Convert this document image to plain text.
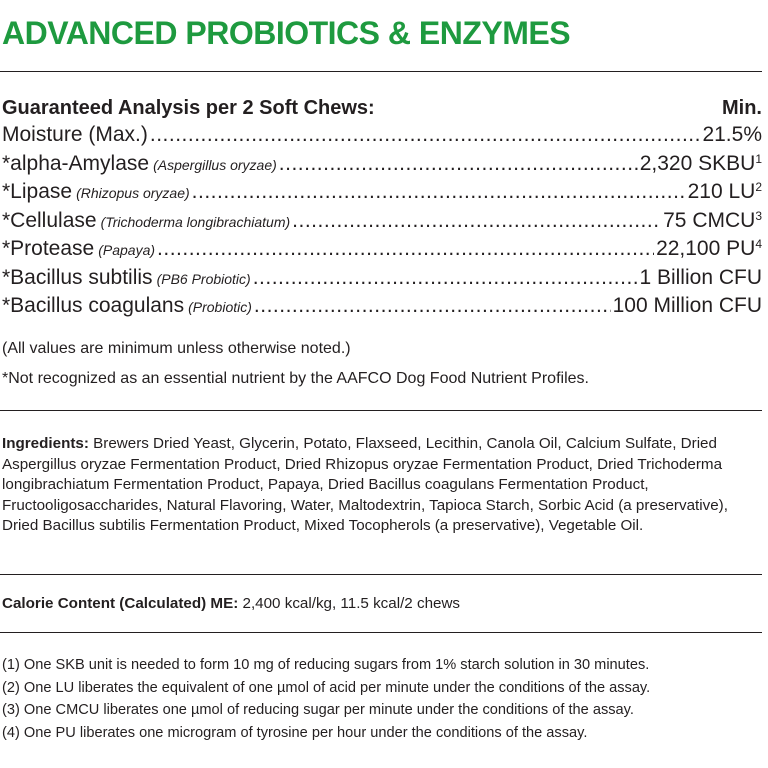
ADVANCED PROBIOTICS & ENZYMES
Guaranteed Analysis per 2 Soft Chews:	Min.
Moisture (Max.) .....	21.5%
*alpha-Amylase (Aspergillus oryzae) .....	2,320 SKBU$^1$
*Lipase (Rhizopus oryzae) .....	210 $LU^2$
*Cellulase (Trichoderma longibrachiatum) .....	75 CMCU$^3$
*Protease (Papaya) .....	22,100 $PU^4$
*Bacillus subtilis (PB6 Probiotic) .....	1 Billion CFU
*Bacillus coagulans (Probiotic) .....	100 Million CFU

(All values are minimum unless otherwise noted.)

*Not recognized as an essential nutrient by the AAFCO Dog Food Nutrient Profiles.

Ingredients: Brewers Dried Yeast, Glycerin, Potato, Flaxseed, Lecithin, Canola Oil, Calcium Sulfate, Dried Aspergillus oryzae Fermentation Product, Dried Rhizopus oryzae Fermentation Product, Dried Trichoderma longibrachiatum Fermentation Product, Papaya, Dried Bacillus coagulans Fermentation Product, Fructooligosaccharides, Natural Flavoring, Water, Maltodextrin, Tapioca Starch, Sorbic Acid (a preservative), Dried Bacillus subtilis Fermentation Product, Mixed Tocopherols (a preservative), Vegetable Oil.

Calorie Content (Calculated) ME: 2,400 kcal/kg, 11.5 kcal/2 chews

(1) One SKB unit is needed to form 10 mg of reducing sugars from 1% starch solution in 30 minutes.
(2) One LU liberates the equivalent of one µmol of acid per minute under the conditions of the assay.
(3) One CMCU liberates one µmol of reducing sugar per minute under the conditions of the assay.
(4) One PU liberates one microgram of tyrosine per hour under the conditions of the assay.
